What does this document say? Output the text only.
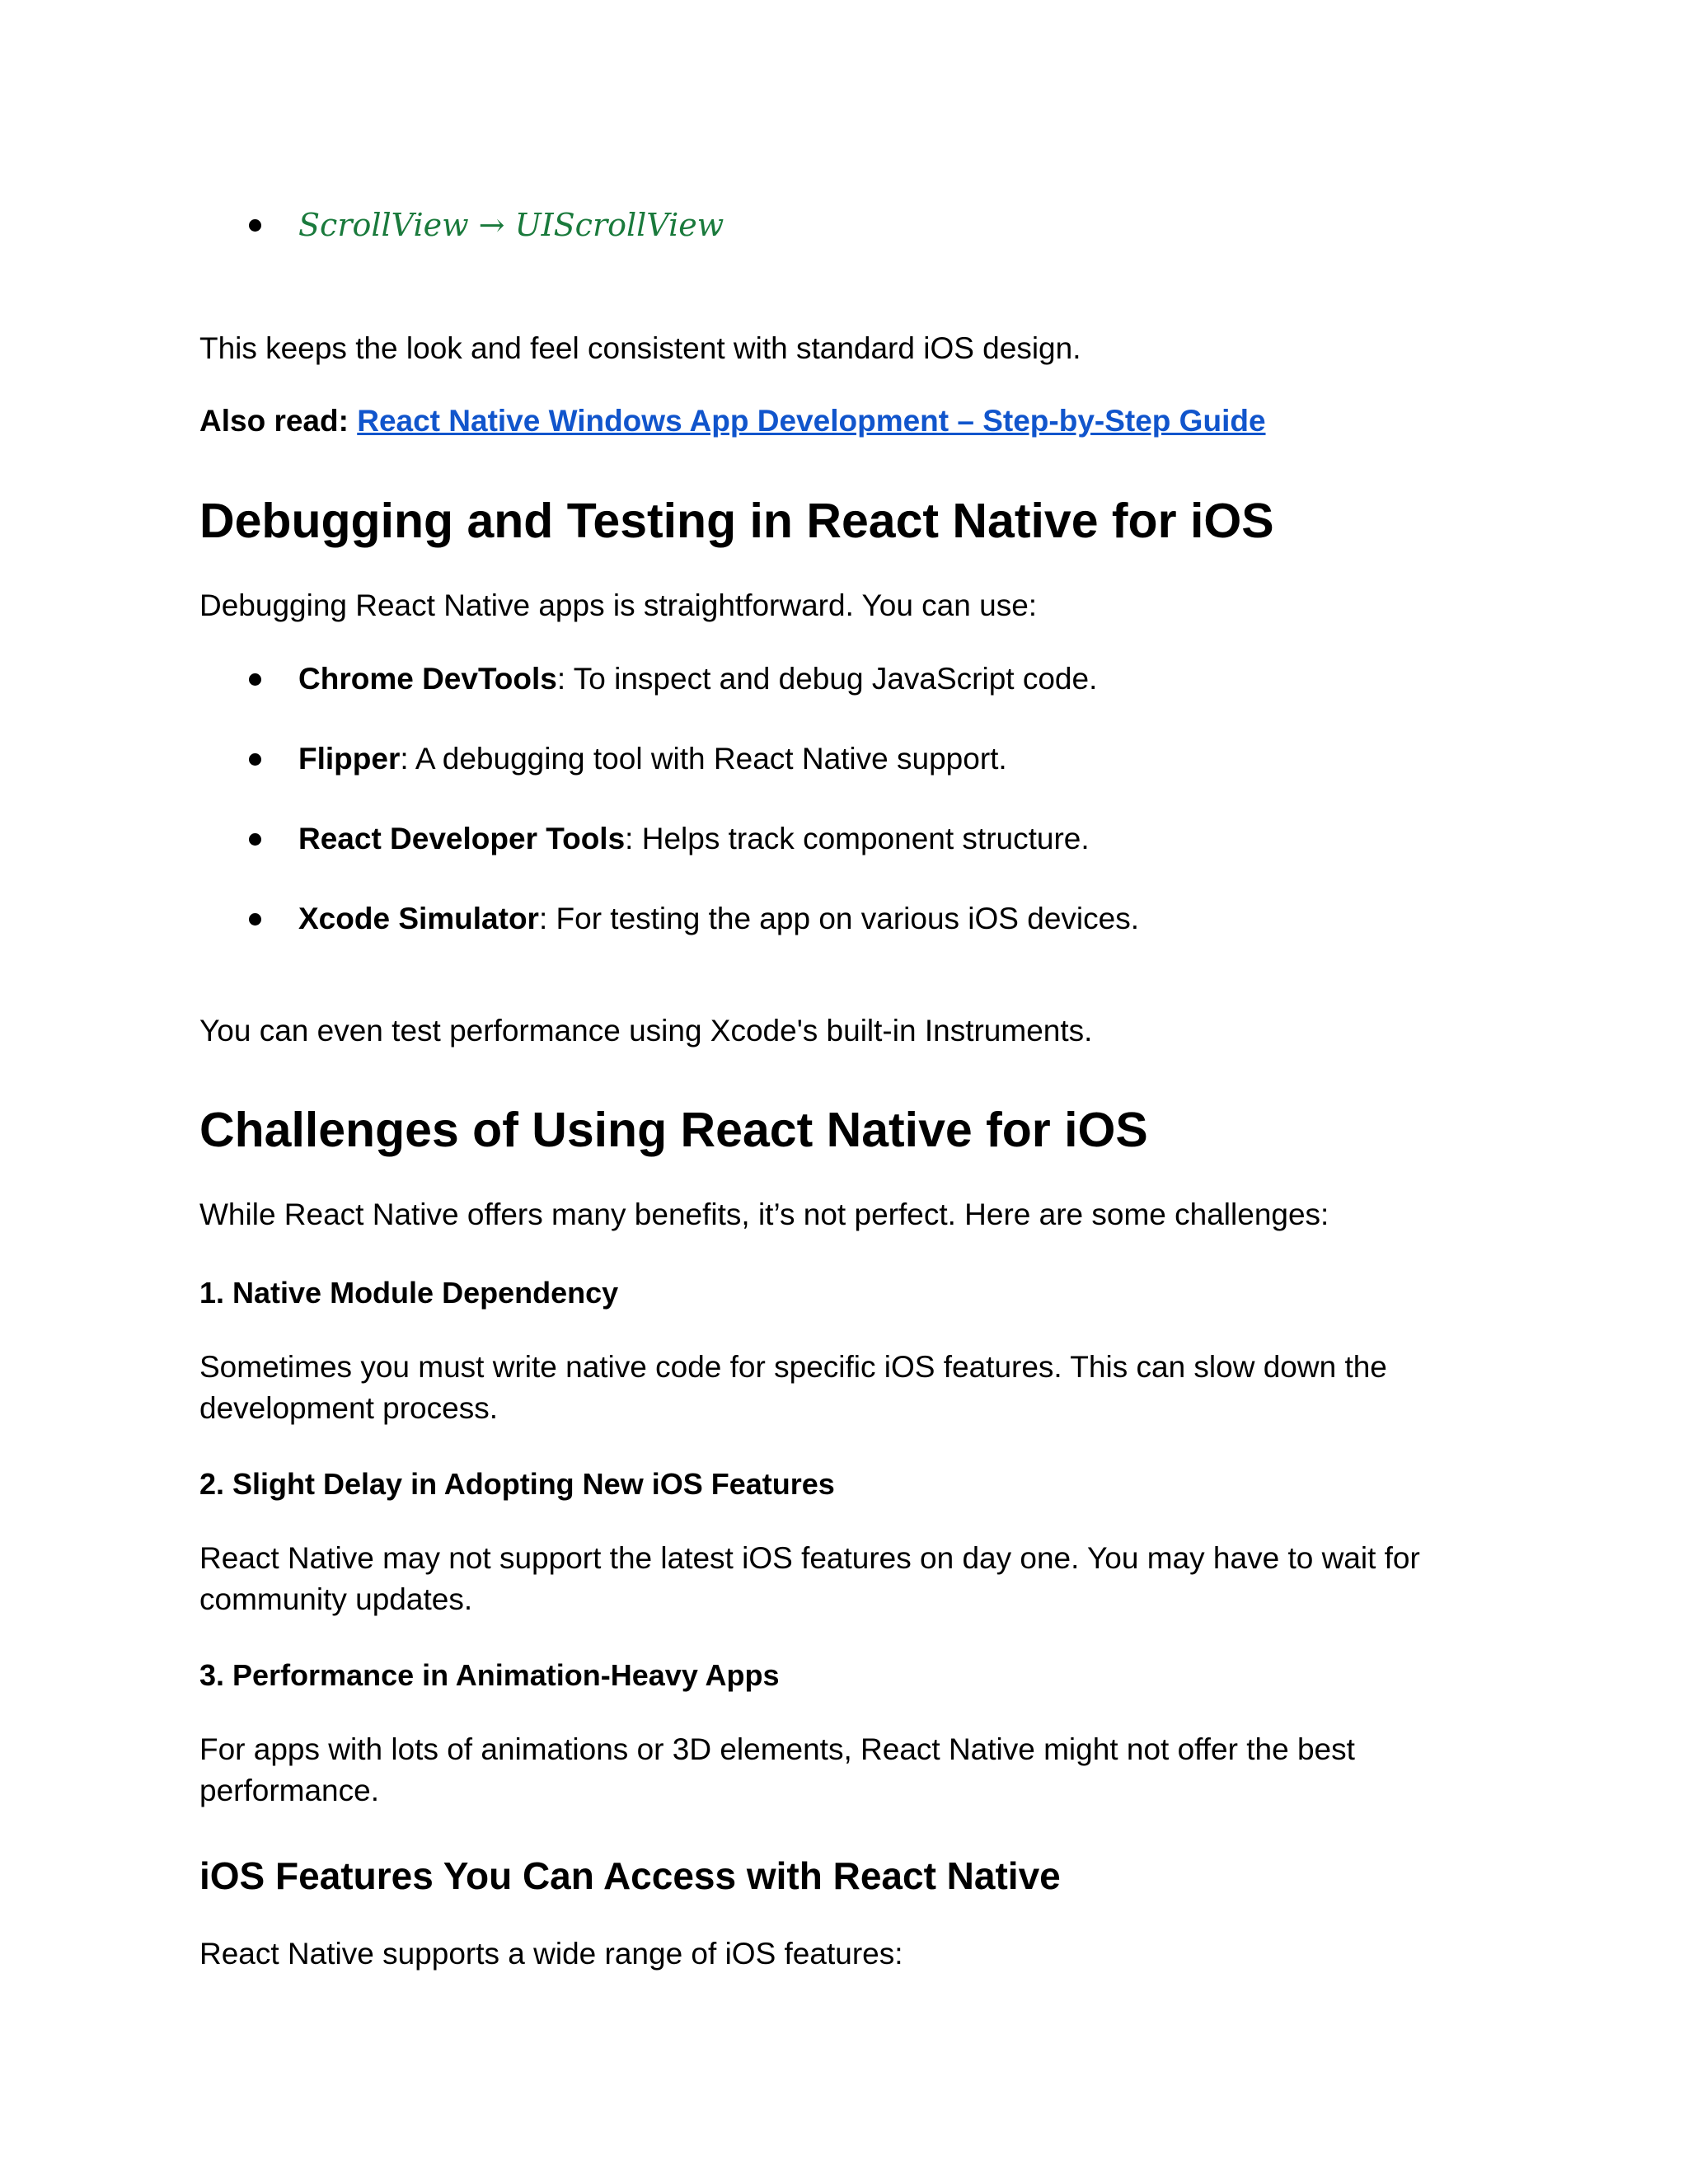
ScrollView → UIScrollView

This keeps the look and feel consistent with standard iOS design.

Also read: React Native Windows App Development – Step-by-Step Guide

Debugging and Testing in React Native for iOS

Debugging React Native apps is straightforward. You can use:

Chrome DevTools: To inspect and debug JavaScript code.
Flipper: A debugging tool with React Native support.
React Developer Tools: Helps track component structure.
Xcode Simulator: For testing the app on various iOS devices.

You can even test performance using Xcode's built-in Instruments.

Challenges of Using React Native for iOS

While React Native offers many benefits, it’s not perfect. Here are some challenges:

1. Native Module Dependency

Sometimes you must write native code for specific iOS features. This can slow down the development process.

2. Slight Delay in Adopting New iOS Features

React Native may not support the latest iOS features on day one. You may have to wait for community updates.

3. Performance in Animation-Heavy Apps

For apps with lots of animations or 3D elements, React Native might not offer the best performance.

iOS Features You Can Access with React Native

React Native supports a wide range of iOS features:
